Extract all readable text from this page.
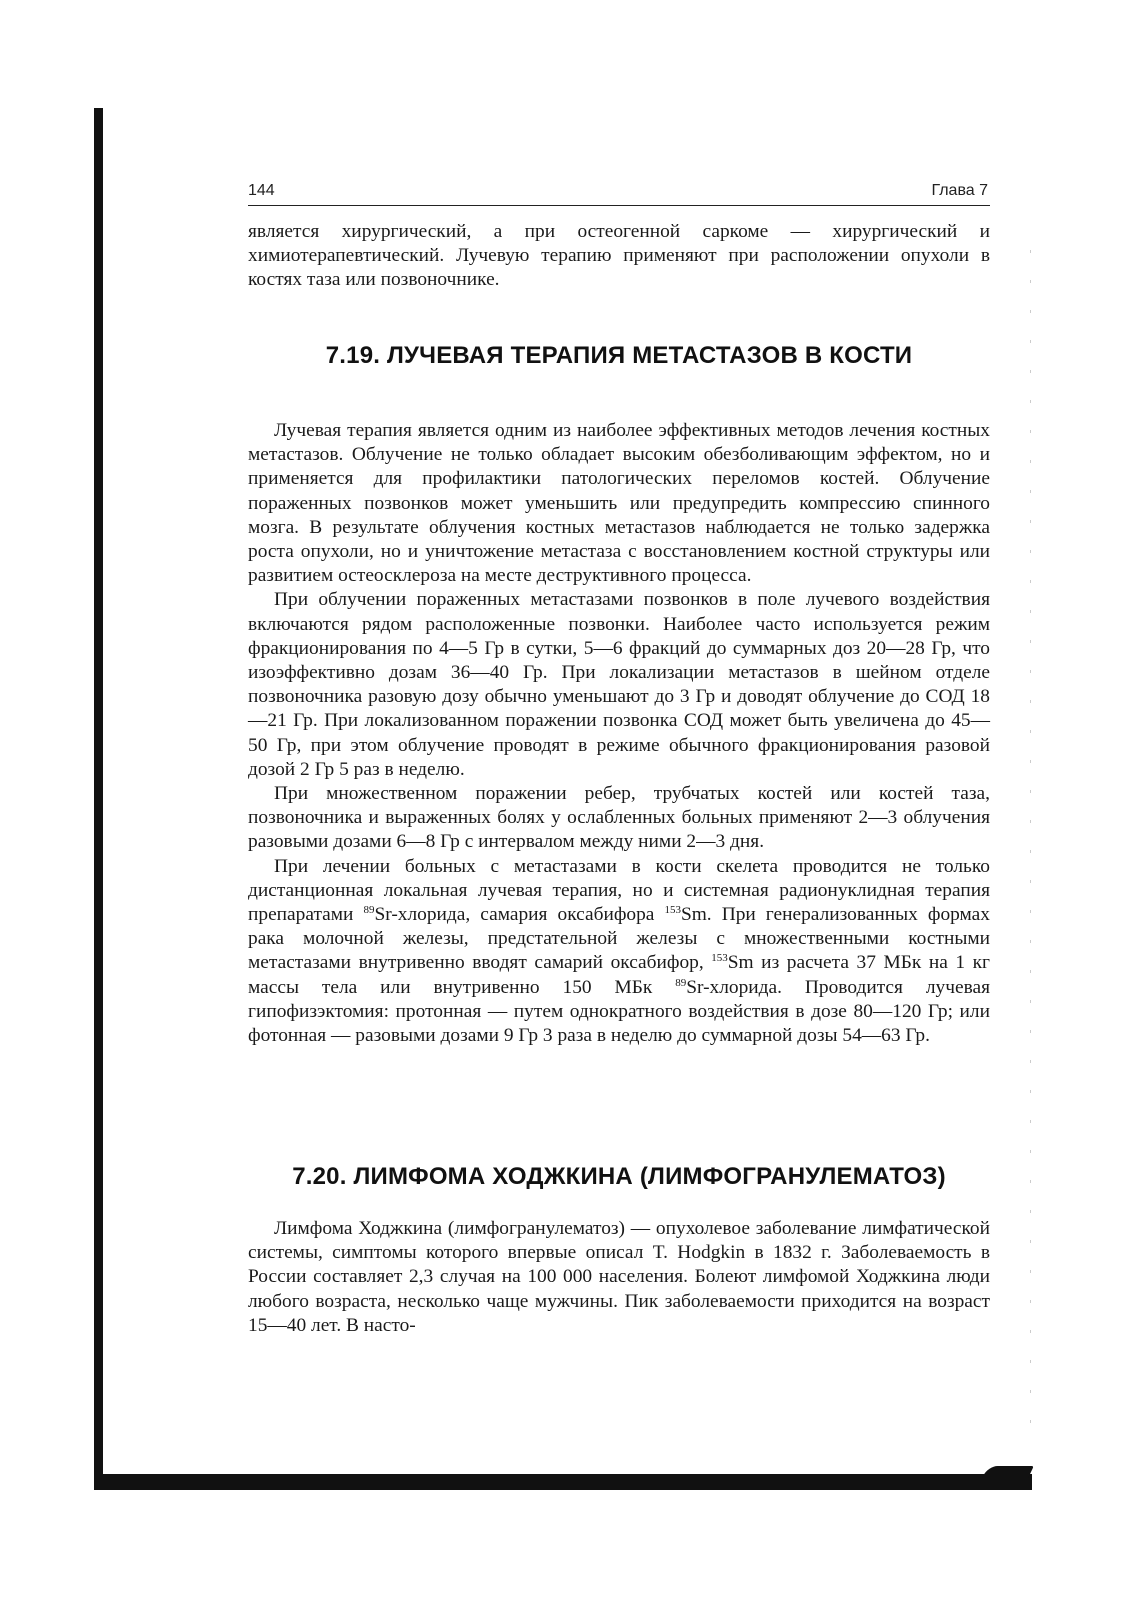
144	Глава 7

является хирургический, а при остеогенной саркоме — хирургический и химиотерапевтический. Лучевую терапию применяют при расположении опухоли в костях таза или позвоночнике.

7.19. ЛУЧЕВАЯ ТЕРАПИЯ МЕТАСТАЗОВ В КОСТИ

Лучевая терапия является одним из наиболее эффективных методов лечения костных метастазов. Облучение не только обладает высоким обезболивающим эффектом, но и применяется для профилактики патологических переломов костей. Облучение пораженных позвонков может уменьшить или предупредить компрессию спинного мозга. В результате облучения костных метастазов наблюдается не только задержка роста опухоли, но и уничтожение метастаза с восстановлением костной структуры или развитием остеосклероза на месте деструктивного процесса.

При облучении пораженных метастазами позвонков в поле лучевого воздействия включаются рядом расположенные позвонки. Наиболее часто используется режим фракционирования по 4—5 Гр в сутки, 5—6 фракций до суммарных доз 20—28 Гр, что изоэффективно дозам 36—40 Гр. При локализации метастазов в шейном отделе позвоночника разовую дозу обычно уменьшают до 3 Гр и доводят облучение до СОД 18—21 Гр. При локализованном поражении позвонка СОД может быть увеличена до 45—50 Гр, при этом облучение проводят в режиме обычного фракционирования разовой дозой 2 Гр 5 раз в неделю.

При множественном поражении ребер, трубчатых костей или костей таза, позвоночника и выраженных болях у ослабленных больных применяют 2—3 облучения разовыми дозами 6—8 Гр с интервалом между ними 2—3 дня.

При лечении больных с метастазами в кости скелета проводится не только дистанционная локальная лучевая терапия, но и системная радионуклидная терапия препаратами $^{89}$Sr-хлорида, самария оксабифора $^{153}$Sm. При генерализованных формах рака молочной железы, предстательной железы с множественными костными метастазами внутривенно вводят самарий оксабифор, $^{153}$Sm из расчета 37 МБк на 1 кг массы тела или внутривенно 150 МБк $^{89}$Sr-хлорида. Проводится лучевая гипофизэктомия: протонная — путем однократного воздействия в дозе 80—120 Гр; или фотонная — разовыми дозами 9 Гр 3 раза в неделю до суммарной дозы 54—63 Гр.

7.20. ЛИМФОМА ХОДЖКИНА (ЛИМФОГРАНУЛЕМАТОЗ)

Лимфома Ходжкина (лимфогранулематоз) — опухолевое заболевание лимфатической системы, симптомы которого впервые описал T. Hodgkin в 1832 г. Заболеваемость в России составляет 2,3 случая на 100 000 населения. Болеют лимфомой Ходжкина люди любого возраста, несколько чаще мужчины. Пик заболеваемости приходится на возраст 15—40 лет. В насто-
